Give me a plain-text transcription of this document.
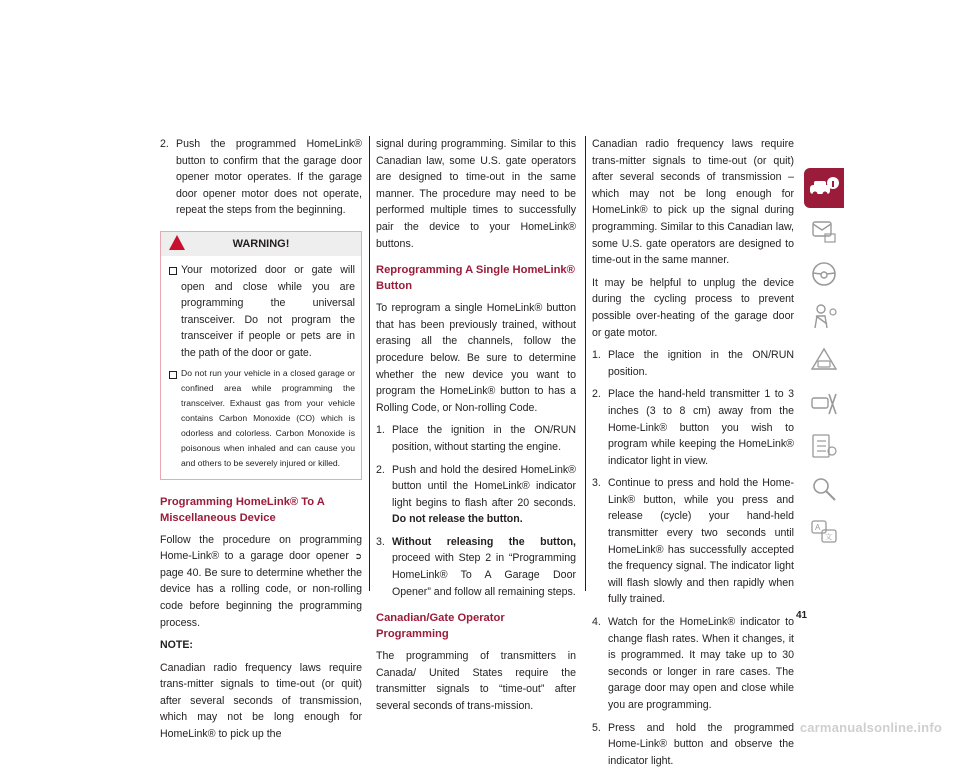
2. Push the programmed HomeLink® button to confirm that the garage door opener motor operates. If the garage door opener motor does not operate, repeat the steps from the beginning.
WARNING!
Your motorized door or gate will open and close while you are programming the universal transceiver. Do not program the transceiver if people or pets are in the path of the door or gate.
Do not run your vehicle in a closed garage or confined area while programming the transceiver. Exhaust gas from your vehicle contains Carbon Monoxide (CO) which is odorless and colorless. Carbon Monoxide is poisonous when inhaled and can cause you and others to be severely injured or killed.
Programming HomeLink® To A Miscellaneous Device

Follow the procedure on programming Home-Link® to a garage door opener ➲ page 40. Be sure to determine whether the device has a rolling code, or non-rolling code before beginning the programming process.

NOTE:

Canadian radio frequency laws require trans-mitter signals to time-out (or quit) after several seconds of transmission, which may not be long enough for HomeLink® to pick up the

signal during programming. Similar to this Canadian law, some U.S. gate operators are designed to time-out in the same manner. The procedure may need to be performed multiple times to successfully pair the device to your HomeLink® buttons.

Reprogramming A Single HomeLink® Button

To reprogram a single HomeLink® button that has been previously trained, without erasing all the channels, follow the procedure below. Be sure to determine whether the new device you want to program the HomeLink® button to has a Rolling Code, or Non-rolling Code.

1. Place the ignition in the ON/RUN position, without starting the engine.
2. Push and hold the desired HomeLink® button until the HomeLink® indicator light begins to flash after 20 seconds. Do not release the button.
3. Without releasing the button, proceed with Step 2 in “Programming HomeLink® To A Garage Door Opener” and follow all remaining steps.
Canadian/Gate Operator Programming

The programming of transmitters in Canada/ United States require the transmitter signals to “time-out” after several seconds of trans-mission.

Canadian radio frequency laws require trans-mitter signals to time-out (or quit) after several seconds of transmission – which may not be long enough for HomeLink® to pick up the signal during programming. Similar to this Canadian law, some U.S. gate operators are designed to time-out in the same manner.

It may be helpful to unplug the device during the cycling process to prevent possible over-heating of the garage door or gate motor.

1. Place the ignition in the ON/RUN position.
2. Place the hand-held transmitter 1 to 3 inches (3 to 8 cm) away from the Home-Link® button you wish to program while keeping the HomeLink® indicator light in view.
3. Continue to press and hold the Home-Link® button, while you press and release (cycle) your hand-held transmitter every two seconds until HomeLink® has successfully accepted the frequency signal. The indicator light will flash slowly and then rapidly when fully trained.
4. Watch for the HomeLink® indicator to change flash rates. When it changes, it is programmed. It may take up to 30 seconds or longer in rare cases. The garage door may open and close while you are programming.
5. Press and hold the programmed Home-Link® button and observe the indicator light.
A
文
41
carmanualsonline.info
